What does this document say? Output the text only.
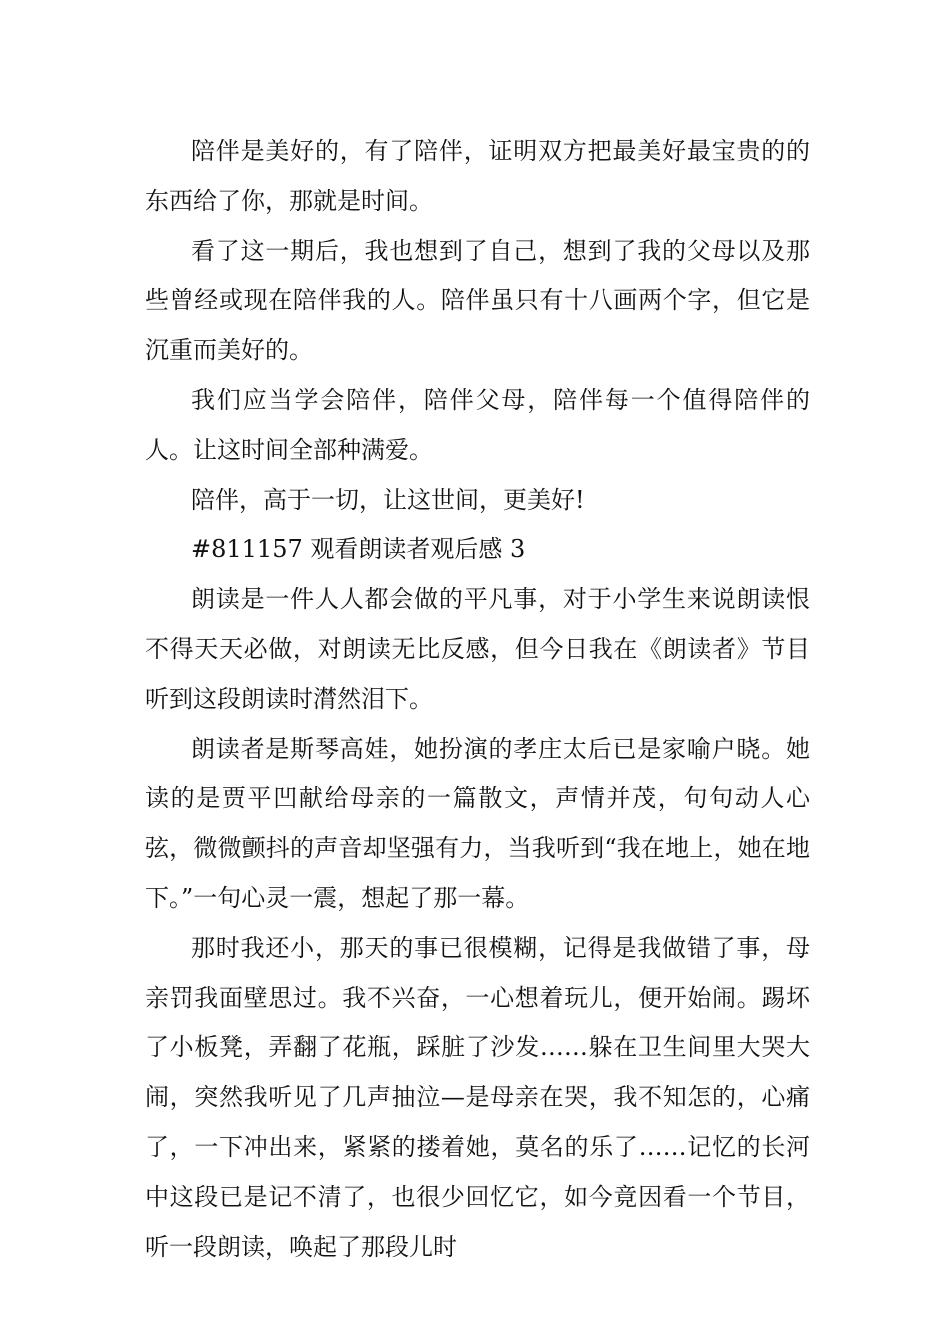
陪伴是美好的，有了陪伴，证明双方把最美好最宝贵的的东西给了你，那就是时间。

看了这一期后，我也想到了自己，想到了我的父母以及那些曾经或现在陪伴我的人。陪伴虽只有十八画两个字，但它是沉重而美好的。

我们应当学会陪伴，陪伴父母，陪伴每一个值得陪伴的人。让这时间全部种满爱。

陪伴，高于一切，让这世间，更美好!

#811157 观看朗读者观后感 3

朗读是一件人人都会做的平凡事，对于小学生来说朗读恨不得天天必做，对朗读无比反感，但今日我在《朗读者》节目听到这段朗读时潸然泪下。

朗读者是斯琴高娃，她扮演的孝庄太后已是家喻户晓。她读的是贾平凹献给母亲的一篇散文，声情并茂，句句动人心弦，微微颤抖的声音却坚强有力，当我听到“我在地上，她在地下。”一句心灵一震，想起了那一幕。

那时我还小，那天的事已很模糊，记得是我做错了事，母亲罚我面壁思过。我不兴奋，一心想着玩儿，便开始闹。踢坏了小板凳，弄翻了花瓶，踩脏了沙发……躲在卫生间里大哭大闹，突然我听见了几声抽泣—是母亲在哭，我不知怎的，心痛了，一下冲出来，紧紧的搂着她，莫名的乐了……记忆的长河中这段已是记不清了，也很少回忆它，如今竟因看一个节目，听一段朗读，唤起了那段儿时
